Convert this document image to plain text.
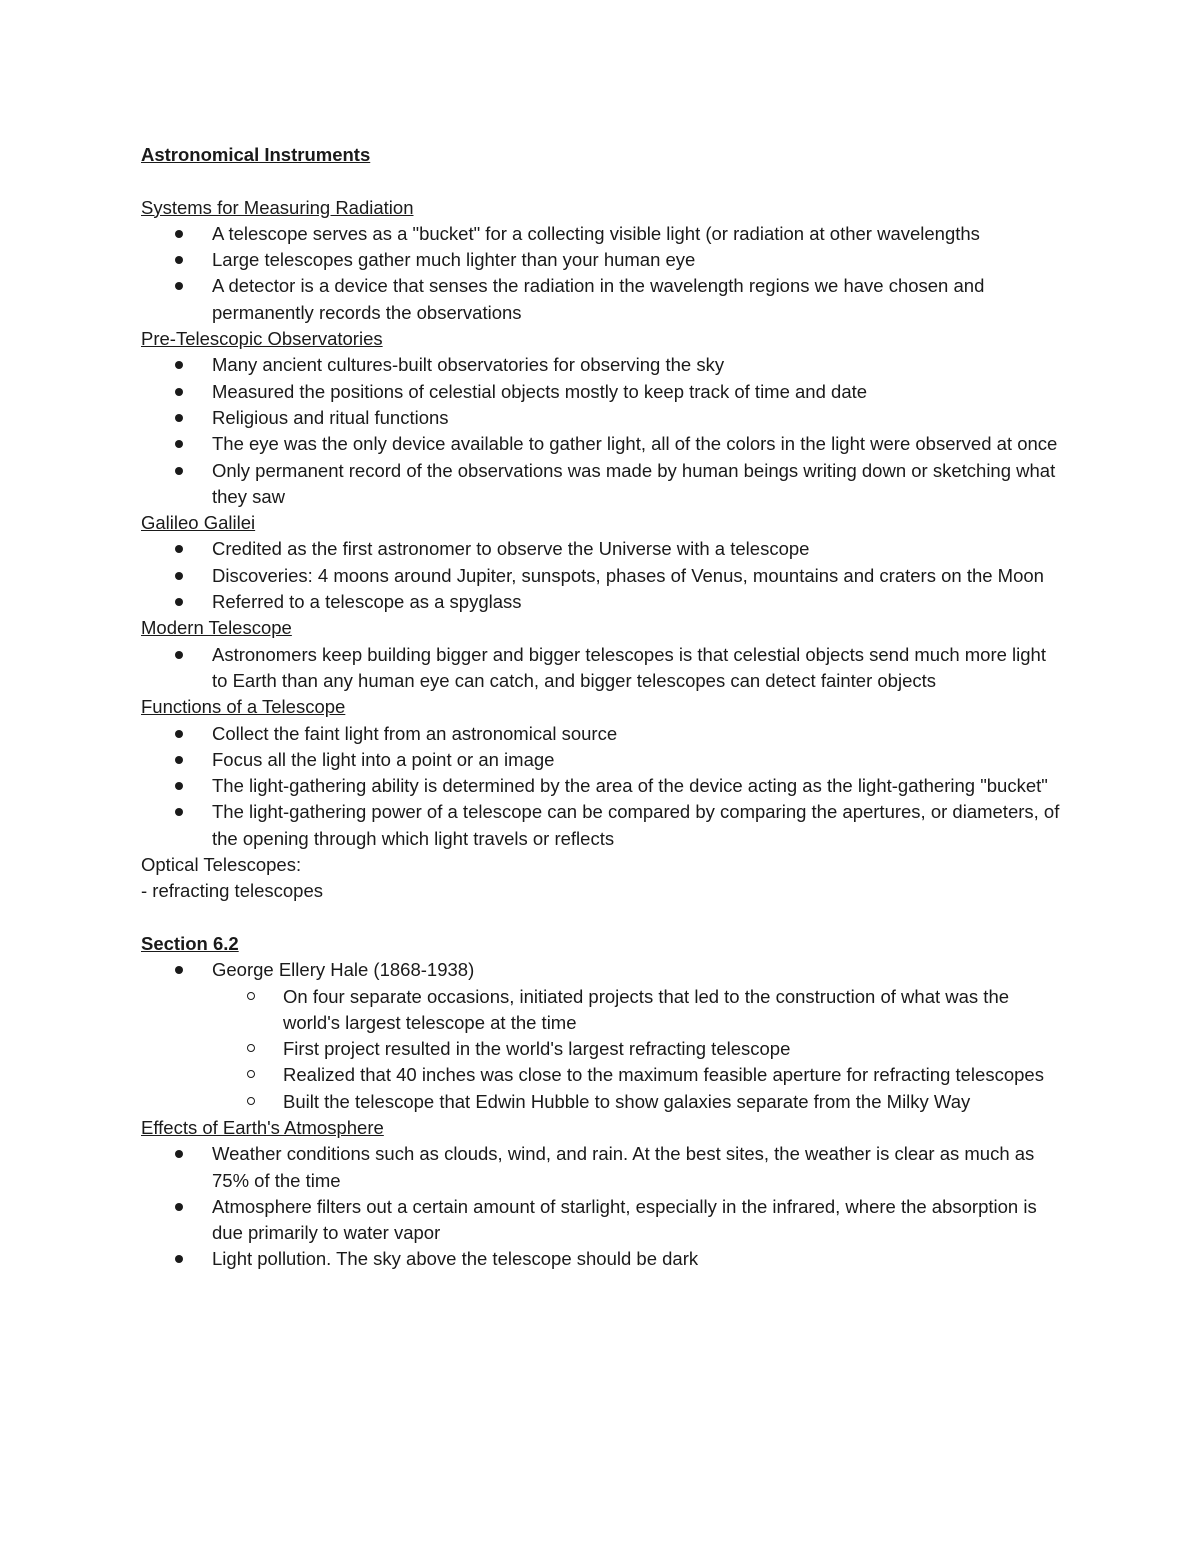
Astronomical Instruments
Systems for Measuring Radiation
A telescope serves as a "bucket" for a collecting visible light (or radiation at other wavelengths
Large telescopes gather much lighter than your human eye
A detector is a device that senses the radiation in the wavelength regions we have chosen and permanently records the observations
Pre-Telescopic Observatories
Many ancient cultures-built observatories for observing the sky
Measured the positions of celestial objects mostly to keep track of time and date
Religious and ritual functions
The eye was the only device available to gather light, all of the colors in the light were observed at once
Only permanent record of the observations was made by human beings writing down or sketching what they saw
Galileo Galilei
Credited as the first astronomer to observe the Universe with a telescope
Discoveries: 4 moons around Jupiter, sunspots, phases of Venus, mountains and craters on the Moon
Referred to a telescope as a spyglass
Modern Telescope
Astronomers keep building bigger and bigger telescopes is that celestial objects send much more light to Earth than any human eye can catch, and bigger telescopes can detect fainter objects
Functions of a Telescope
Collect the faint light from an astronomical source
Focus all the light into a point or an image
The light-gathering ability is determined by the area of the device acting as the light-gathering "bucket"
The light-gathering power of a telescope can be compared by comparing the apertures, or diameters, of the opening through which light travels or reflects
Optical Telescopes:
- refracting telescopes
Section 6.2
George Ellery Hale (1868-1938)
On four separate occasions, initiated projects that led to the construction of what was the world's largest telescope at the time
First project resulted in the world's largest refracting telescope
Realized that 40 inches was close to the maximum feasible aperture for refracting telescopes
Built the telescope that Edwin Hubble to show galaxies separate from the Milky Way
Effects of Earth's Atmosphere
Weather conditions such as clouds, wind, and rain. At the best sites, the weather is clear as much as 75% of the time
Atmosphere filters out a certain amount of starlight, especially in the infrared, where the absorption is due primarily to water vapor
Light pollution. The sky above the telescope should be dark
